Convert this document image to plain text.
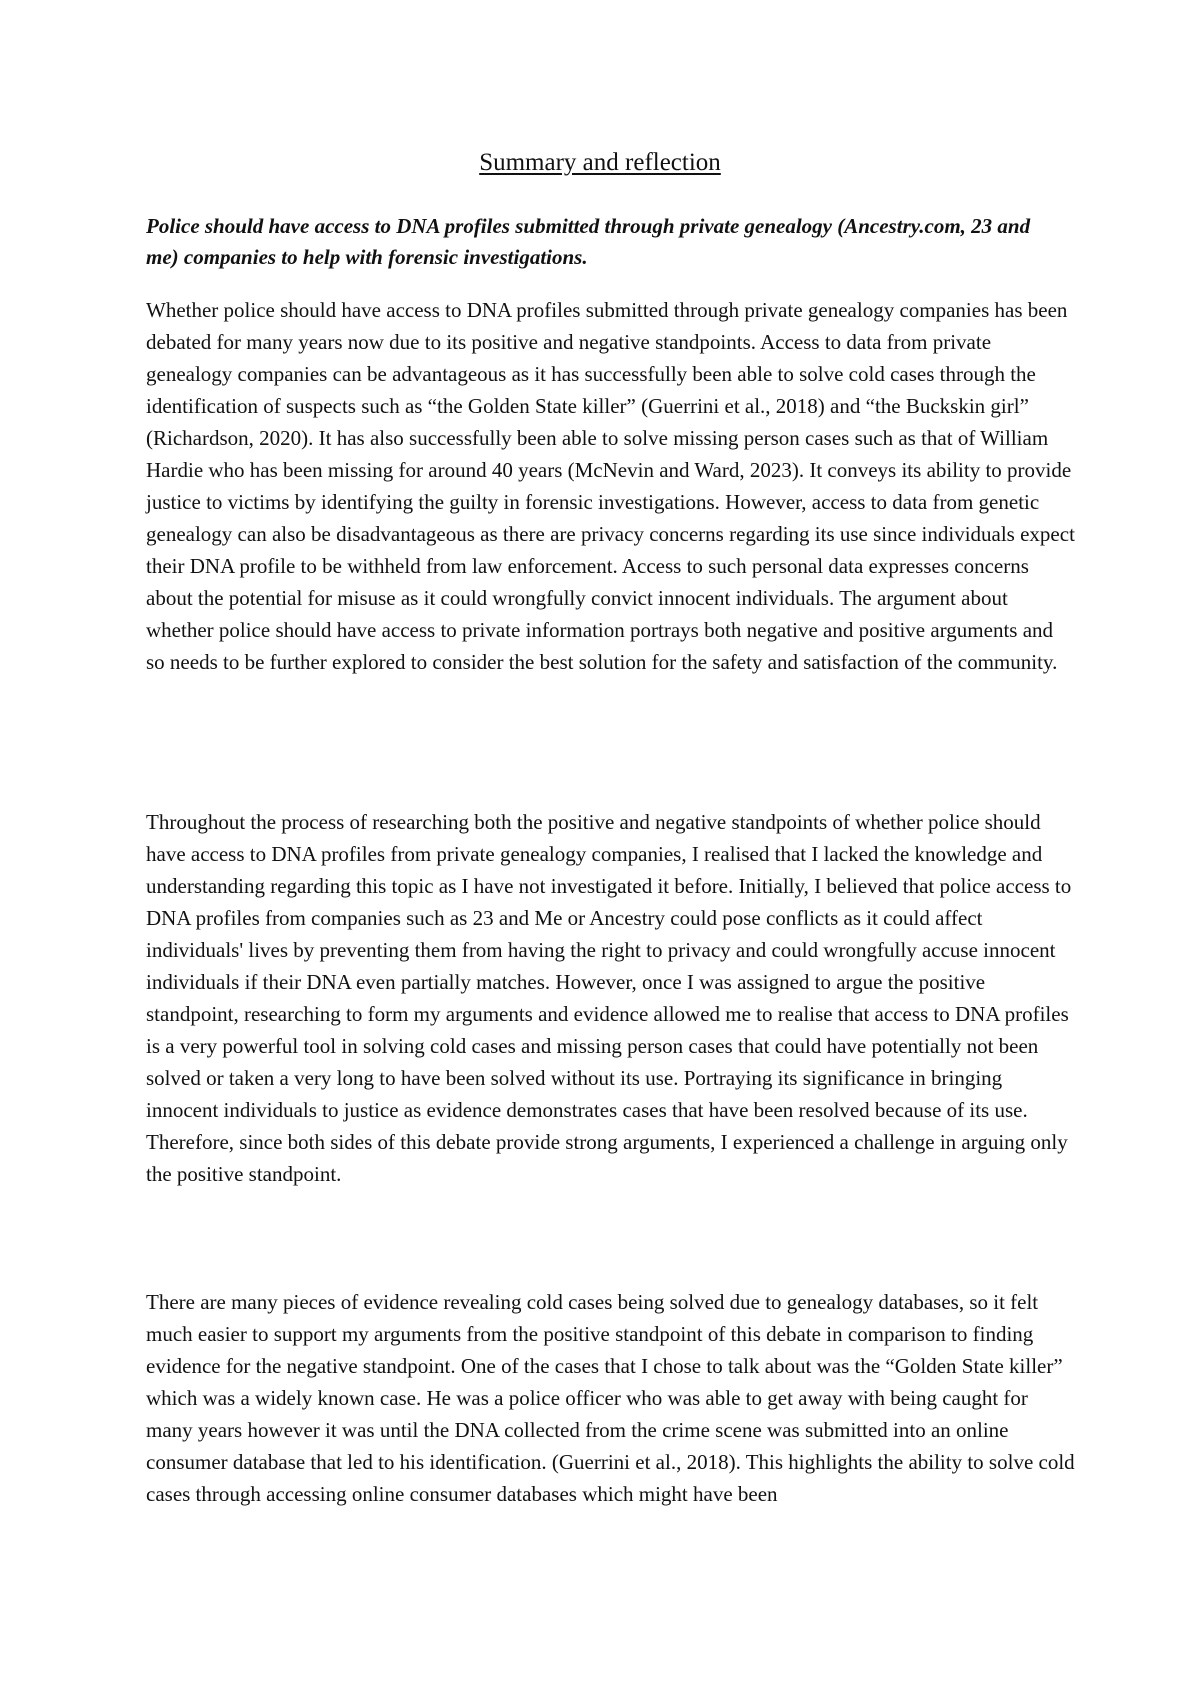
Summary and reflection
Police should have access to DNA profiles submitted through private genealogy (Ancestry.com, 23 and me) companies to help with forensic investigations.

Whether police should have access to DNA profiles submitted through private genealogy companies has been debated for many years now due to its positive and negative standpoints. Access to data from private genealogy companies can be advantageous as it has successfully been able to solve cold cases through the identification of suspects such as “the Golden State killer” (Guerrini et al., 2018) and “the Buckskin girl” (Richardson, 2020). It has also successfully been able to solve missing person cases such as that of William Hardie who has been missing for around 40 years (McNevin and Ward, 2023). It conveys its ability to provide justice to victims by identifying the guilty in forensic investigations. However, access to data from genetic genealogy can also be disadvantageous as there are privacy concerns regarding its use since individuals expect their DNA profile to be withheld from law enforcement. Access to such personal data expresses concerns about the potential for misuse as it could wrongfully convict innocent individuals. The argument about whether police should have access to private information portrays both negative and positive arguments and so needs to be further explored to consider the best solution for the safety and satisfaction of the community.

Throughout the process of researching both the positive and negative standpoints of whether police should have access to DNA profiles from private genealogy companies, I realised that I lacked the knowledge and understanding regarding this topic as I have not investigated it before. Initially, I believed that police access to DNA profiles from companies such as 23 and Me or Ancestry could pose conflicts as it could affect individuals' lives by preventing them from having the right to privacy and could wrongfully accuse innocent individuals if their DNA even partially matches. However, once I was assigned to argue the positive standpoint, researching to form my arguments and evidence allowed me to realise that access to DNA profiles is a very powerful tool in solving cold cases and missing person cases that could have potentially not been solved or taken a very long to have been solved without its use. Portraying its significance in bringing innocent individuals to justice as evidence demonstrates cases that have been resolved because of its use. Therefore, since both sides of this debate provide strong arguments, I experienced a challenge in arguing only the positive standpoint.

There are many pieces of evidence revealing cold cases being solved due to genealogy databases, so it felt much easier to support my arguments from the positive standpoint of this debate in comparison to finding evidence for the negative standpoint. One of the cases that I chose to talk about was the “Golden State killer” which was a widely known case. He was a police officer who was able to get away with being caught for many years however it was until the DNA collected from the crime scene was submitted into an online consumer database that led to his identification. (Guerrini et al., 2018). This highlights the ability to solve cold cases through accessing online consumer databases which might have been
